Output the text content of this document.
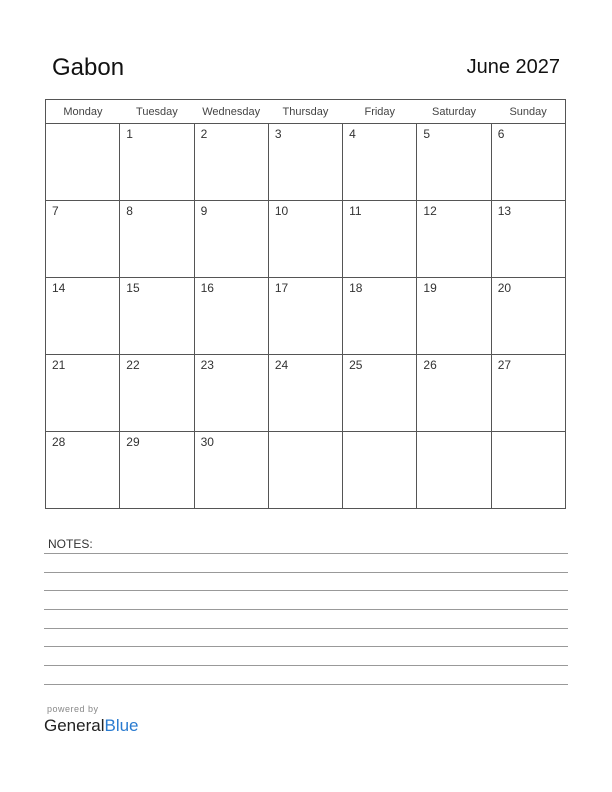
Gabon	June 2027
Monday	Tuesday	Wednesday	Thursday	Friday	Saturday	Sunday

	1	2	3	4	5	6

7	8	9	10	11	12	13

14	15	16	17	18	19	20

21	22	23	24	25	26	27

28	29	30				

NOTES:
powered by
GeneralBlue
